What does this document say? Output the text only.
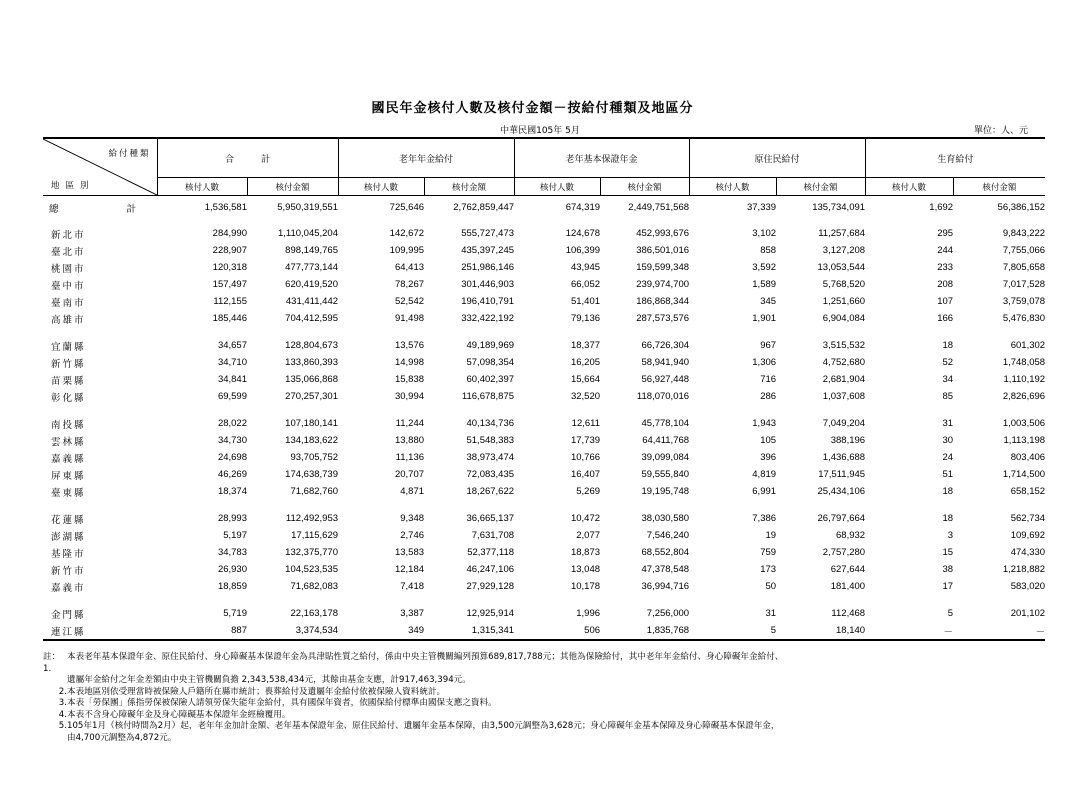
國民年金核付人數及核付金額－按給付種類及地區分
中華民國105年 5月	單位：人、元
給付種類
地區別	合　　　計		老年年金給付		老年基本保證年金		原住民給付		生育給付	
	核付人數	核付金額	核付人數	核付金額	核付人數	核付金額	核付人數	核付金額	核付人數	核付金額
總　　　　計	1,536,581	5,950,319,551	725,646	2,762,859,447	674,319	2,449,751,568	37,339	135,734,091	1,692	56,386,152

新北市	284,990	1,110,045,204	142,672	555,727,473	124,678	452,993,676	3,102	11,257,684	295	9,843,222

臺北市	228,907	898,149,765	109,995	435,397,245	106,399	386,501,016	858	3,127,208	244	7,755,066

桃園市	120,318	477,773,144	64,413	251,986,146	43,945	159,599,348	3,592	13,053,544	233	7,805,658

臺中市	157,497	620,419,520	78,267	301,446,903	66,052	239,974,700	1,589	5,768,520	208	7,017,528

臺南市	112,155	431,411,442	52,542	196,410,791	51,401	186,868,344	345	1,251,660	107	3,759,078

高雄市	185,446	704,412,595	91,498	332,422,192	79,136	287,573,576	1,901	6,904,084	166	5,476,830

宜蘭縣	34,657	128,804,673	13,576	49,189,969	18,377	66,726,304	967	3,515,532	18	601,302

新竹縣	34,710	133,860,393	14,998	57,098,354	16,205	58,941,940	1,306	4,752,680	52	1,748,058

苗栗縣	34,841	135,066,868	15,838	60,402,397	15,664	56,927,448	716	2,681,904	34	1,110,192

彰化縣	69,599	270,257,301	30,994	116,678,875	32,520	118,070,016	286	1,037,608	85	2,826,696

南投縣	28,022	107,180,141	11,244	40,134,736	12,611	45,778,104	1,943	7,049,204	31	1,003,506

雲林縣	34,730	134,183,622	13,880	51,548,383	17,739	64,411,768	105	388,196	30	1,113,198

嘉義縣	24,698	93,705,752	11,136	38,973,474	10,766	39,099,084	396	1,436,688	24	803,406

屏東縣	46,269	174,638,739	20,707	72,083,435	16,407	59,555,840	4,819	17,511,945	51	1,714,500

臺東縣	18,374	71,682,760	4,871	18,267,622	5,269	19,195,748	6,991	25,434,106	18	658,152

花蓮縣	28,993	112,492,953	9,348	36,665,137	10,472	38,030,580	7,386	26,797,664	18	562,734

澎湖縣	5,197	17,115,629	2,746	7,631,708	2,077	7,546,240	19	68,932	3	109,692

基隆市	34,783	132,375,770	13,583	52,377,118	18,873	68,552,804	759	2,757,280	15	474,330

新竹市	26,930	104,523,535	12,184	46,247,106	13,048	47,378,548	173	627,644	38	1,218,882

嘉義市	18,859	71,682,083	7,418	27,929,128	10,178	36,994,716	50	181,400	17	583,020

金門縣	5,719	22,163,178	3,387	12,925,914	1,996	7,256,000	31	112,468	5	201,102

連江縣	887	3,374,534	349	1,315,341	506	1,835,768	5	18,140	－	－
註：1.
本表老年基本保證年金、原住民給付、身心障礙基本保證年金為具津貼性質之給付，係由中央主管機關編列預算689,817,788元；其他為保險給付，其中老年年金給付、身心障礙年金給付、
遺屬年金給付之年金差額由中央主管機關負擔 2,343,538,434元，其餘由基金支應，計917,463,394元。
2. 本表地區別依受理當時被保險人戶籍所在縣市統計；喪葬給付及遺屬年金給付依被保險人資料統計。
3. 本表「勞保團」係指勞保被保險人請領勞保失能年金給付，具有國保年資者，依國保給付標準由國保支應之資料。
4. 本表不含身心障礙年金及身心障礙基本保證年金經檢覆用。
5. 105年1月（核付時間為2月）起，老年年金加計金額、老年基本保證年金、原住民給付、遺屬年金基本保障，由3,500元調整為3,628元；身心障礙年金基本保障及身心障礙基本保證年金，
由4,700元調整為4,872元。
